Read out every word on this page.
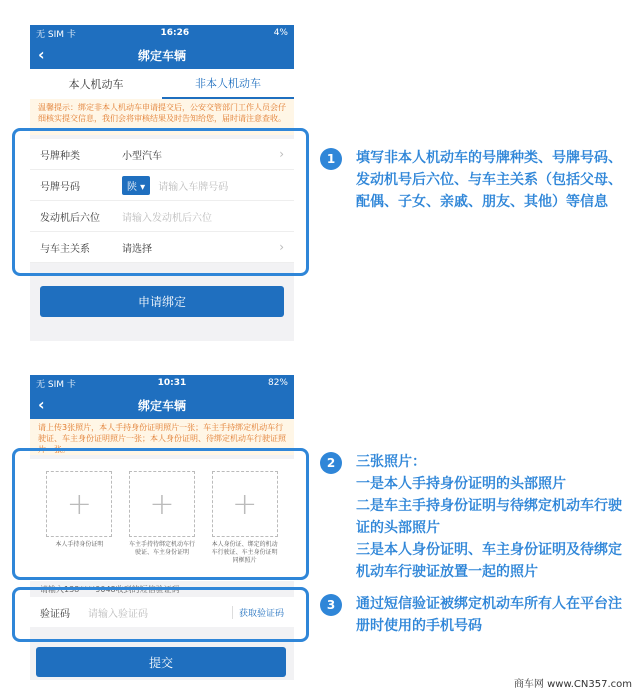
无 SIM 卡	16:26	4%
‹	绑定车辆
本人机动车	非本人机动车
温馨提示：绑定非本人机动车申请提交后，公安交管部门工作人员会仔细核实提交信息，我们会将审核结果及时告知给您，届时请注意查收。
号牌种类	小型汽车	›
号牌号码	陕 ▾	请输入车牌号码
发动机后六位	请输入发动机后六位
与车主关系	请选择	›
申请绑定
无 SIM 卡	10:31	82%
‹	绑定车辆
请上传3张照片，本人手持身份证明照片一张；车主手持绑定机动车行驶证、车主身份证明照片一张；本人身份证明、待绑定机动车行驶证照片一张。
+
本人手持身份证明
+
车主手持待绑定机动车行驶证、车主身份证明
+
本人身份证、绑定的机动车行驶证、车主身份证明同框照片
请输入138****9048收到的短信验证码
验证码	请输入验证码	获取验证码
提交
1	填写非本人机动车的号牌种类、号牌号码、发动机号后六位、与车主关系（包括父母、配偶、子女、亲戚、朋友、其他）等信息
2	三张照片：
一是本人手持身份证明的头部照片
二是车主手持身份证明与待绑定机动车行驶证的头部照片
三是本人身份证明、车主身份证明及待绑定机动车行驶证放置一起的照片
3	通过短信验证被绑定机动车所有人在平台注册时使用的手机号码
商车网 www.CN357.com
